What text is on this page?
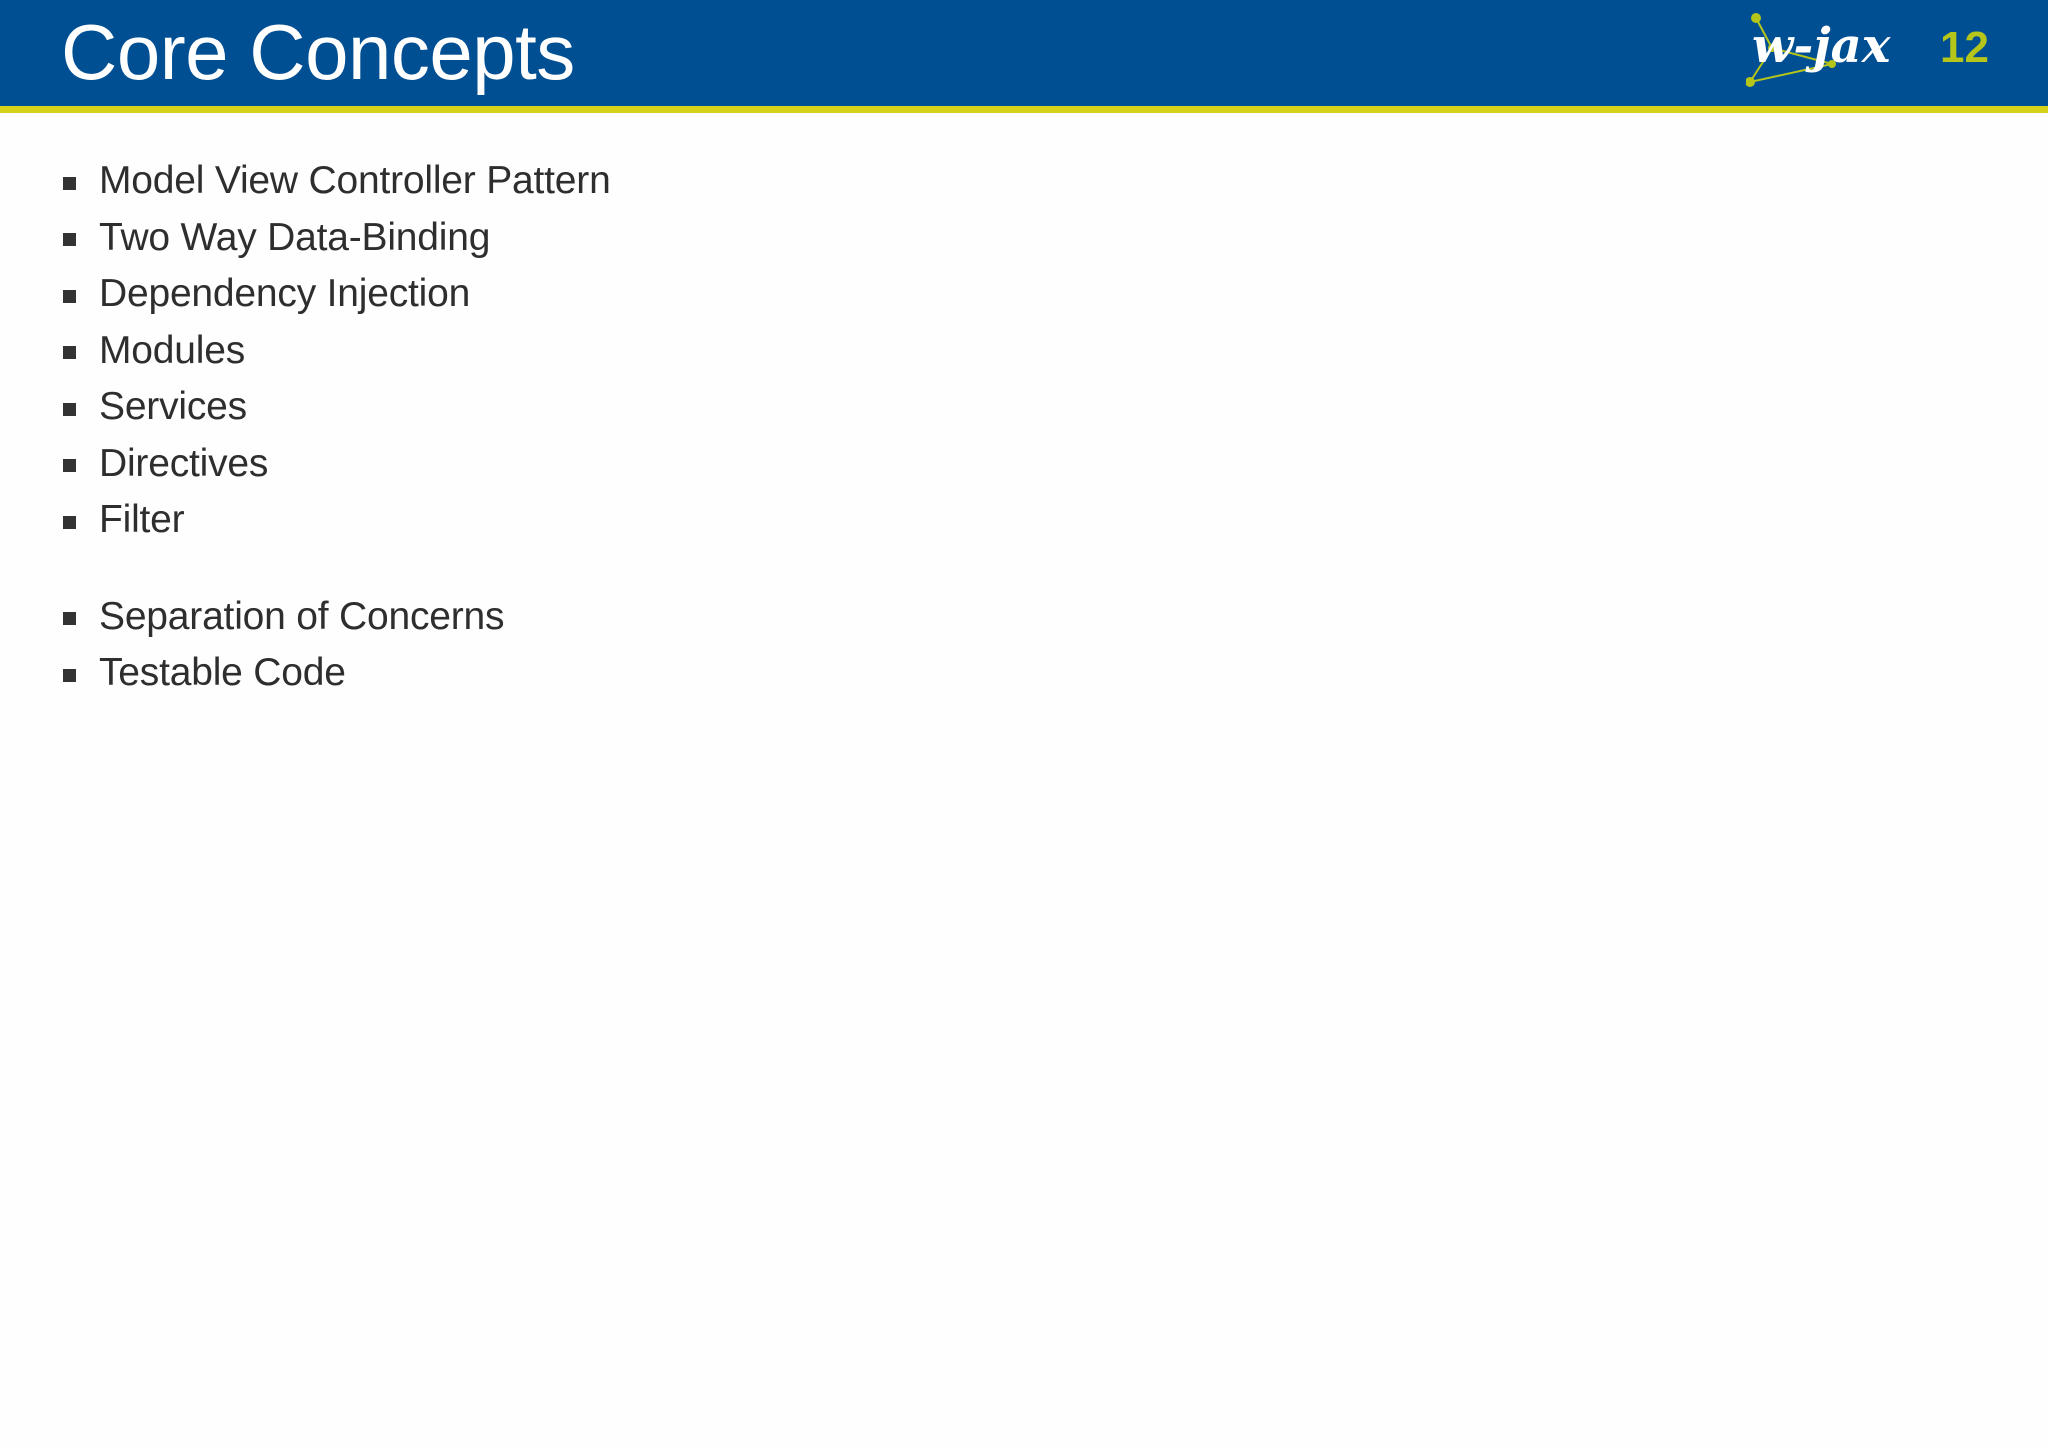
Core Concepts	w-jax 12
Model View Controller Pattern
Two Way Data-Binding
Dependency Injection
Modules
Services
Directives
Filter
Separation of Concerns
Testable Code
